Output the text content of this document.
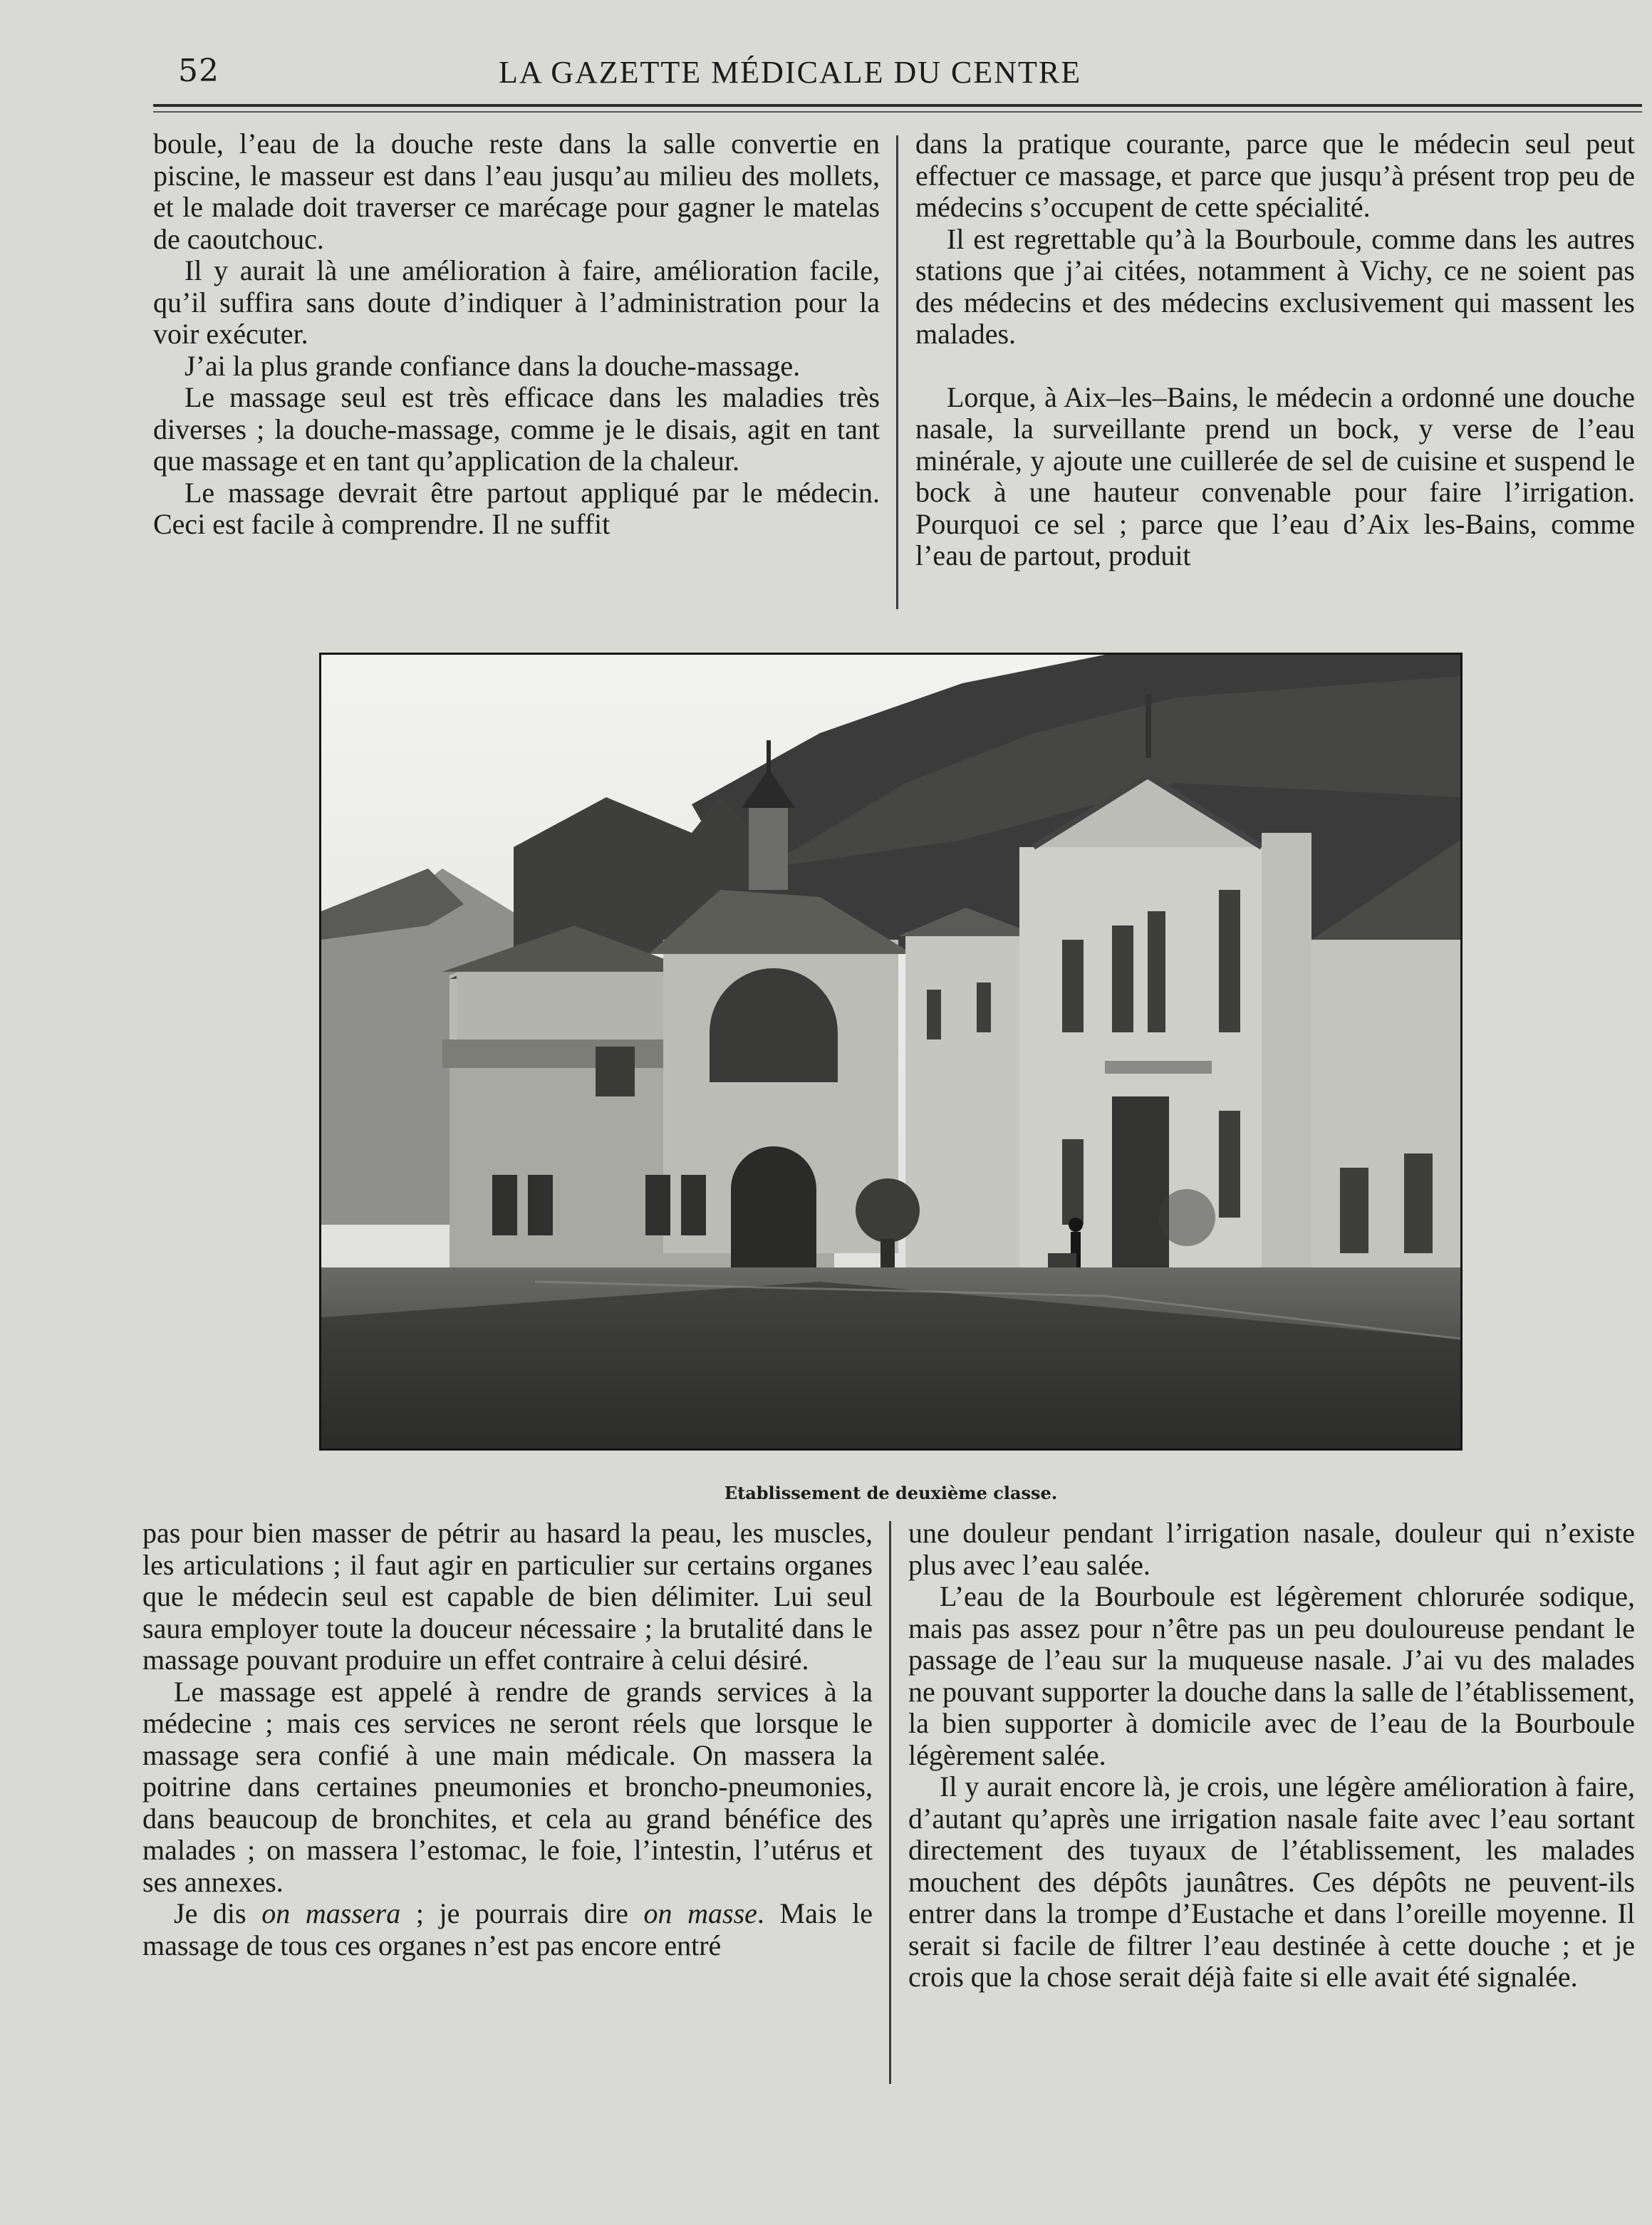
52	LA GAZETTE MÉDICALE DU CENTRE

boule, l’eau de la douche reste dans la salle convertie en piscine, le masseur est dans l’eau jusqu’au milieu des mollets, et le malade doit traverser ce marécage pour gagner le matelas de caoutchouc.

Il y aurait là une amélioration à faire, amélioration facile, qu’il suffira sans doute d’indiquer à l’administration pour la voir exécuter.

J’ai la plus grande confiance dans la douche-massage.

Le massage seul est très efficace dans les maladies très diverses ; la douche-massage, comme je le disais, agit en tant que massage et en tant qu’application de la chaleur.

Le massage devrait être partout appliqué par le médecin. Ceci est facile à comprendre. Il ne suffit

dans la pratique courante, parce que le médecin seul peut effectuer ce massage, et parce que jusqu’à présent trop peu de médecins s’occupent de cette spécialité.

Il est regrettable qu’à la Bourboule, comme dans les autres stations que j’ai citées, notamment à Vichy, ce ne soient pas des médecins et des médecins exclusivement qui massent les malades.

Lorque, à Aix–les–Bains, le médecin a ordonné une douche nasale, la surveillante prend un bock, y verse de l’eau minérale, y ajoute une cuillerée de sel de cuisine et suspend le bock à une hauteur convenable pour faire l’irrigation. Pourquoi ce sel ; parce que l’eau d’Aix les-Bains, comme l’eau de partout, produit

Etablissement de deuxième classe.

pas pour bien masser de pétrir au hasard la peau, les muscles, les articulations ; il faut agir en particulier sur certains organes que le médecin seul est capable de bien délimiter. Lui seul saura employer toute la douceur nécessaire ; la brutalité dans le massage pouvant produire un effet contraire à celui désiré.

Le massage est appelé à rendre de grands services à la médecine ; mais ces services ne seront réels que lorsque le massage sera confié à une main médicale. On massera la poitrine dans certaines pneumonies et broncho-pneumonies, dans beaucoup de bronchites, et cela au grand bénéfice des malades ; on massera l’estomac, le foie, l’intestin, l’utérus et ses annexes.

Je dis on massera ; je pourrais dire on masse. Mais le massage de tous ces organes n’est pas encore entré

une douleur pendant l’irrigation nasale, douleur qui n’existe plus avec l’eau salée.

L’eau de la Bourboule est légèrement chlorurée sodique, mais pas assez pour n’être pas un peu douloureuse pendant le passage de l’eau sur la muqueuse nasale. J’ai vu des malades ne pouvant supporter la douche dans la salle de l’établissement, la bien supporter à domicile avec de l’eau de la Bourboule légèrement salée.

Il y aurait encore là, je crois, une légère amélioration à faire, d’autant qu’après une irrigation nasale faite avec l’eau sortant directement des tuyaux de l’établissement, les malades mouchent des dépôts jaunâtres. Ces dépôts ne peuvent-ils entrer dans la trompe d’Eustache et dans l’oreille moyenne. Il serait si facile de filtrer l’eau destinée à cette douche ; et je crois que la chose serait déjà faite si elle avait été signalée.
